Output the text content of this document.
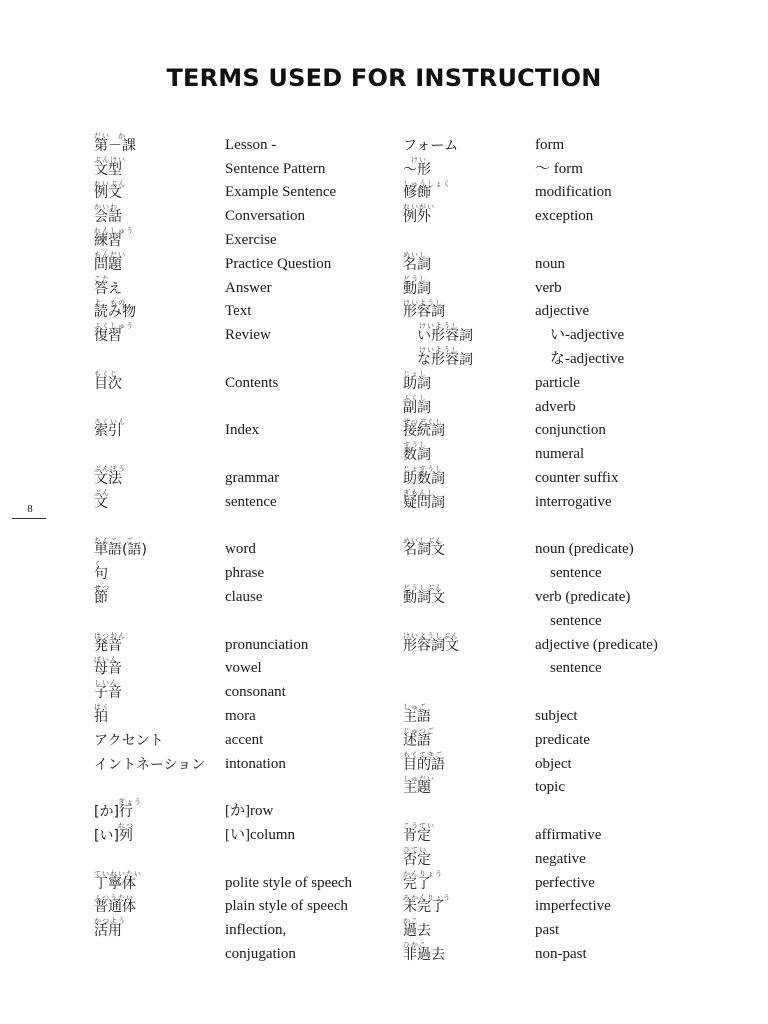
TERMS USED FOR INSTRUCTION
8
だい　か
第－課
ぶんけい
文型
れいぶん
例文
かいわ
会話
れんしゅう
練習
もんだい
問題
こた
答え
よ　もの
読み物
ふくしゅう
復習
もくじ
目次
さくいん
索引
ぶんぽう
文法
ぶん
文
たんご　ご
単語(語)
く
句
せつ
節
はつおん
発音
ぼいん
母音
しいん
子音
はく
拍
アクセント
イントネーション
　　　ぎょう
[か]行
　　　れつ
[い]列
ていねいたい
丁寧体
ふつうたい
普通体
かつよう
活用
Lesson -
Sentence Pattern
Example Sentence
Conversation
Exercise
Practice Question
Answer
Text
Review
Contents
Index
grammar
sentence
word
phrase
clause
pronunciation
vowel
consonant
mora
accent
intonation
[か]row
[い]column
polite style of speech
plain style of speech
inflection,
conjugation
フォーム
　けい
～形
しゅうしょく
修飾
れいがい
例外
めいし
名詞
どうし
動詞
けいようし
形容詞
　　けいようし
　い形容詞
　　けいようし
　な形容詞
じょし
助詞
ふくし
副詞
せつぞくし
接続詞
すうし
数詞
じょすうし
助数詞
ぎもんし
疑問詞
めいしぶん
名詞文
どうしぶん
動詞文
けいようしぶん
形容詞文
しゅご
主語
じゅつご
述語
もくてきご
目的語
しゅだい
主題
こうてい
肯定
ひてい
否定
かんりょう
完了
みかんりょう
未完了
かこ
過去
ひかこ
非過去
form
～ form
modification
exception
noun
verb
adjective
　い-adjective
　な-adjective
particle
adverb
conjunction
numeral
counter suffix
interrogative
noun (predicate)
　sentence
verb (predicate)
　sentence
adjective (predicate)
　sentence
subject
predicate
object
topic
affirmative
negative
perfective
imperfective
past
non-past
